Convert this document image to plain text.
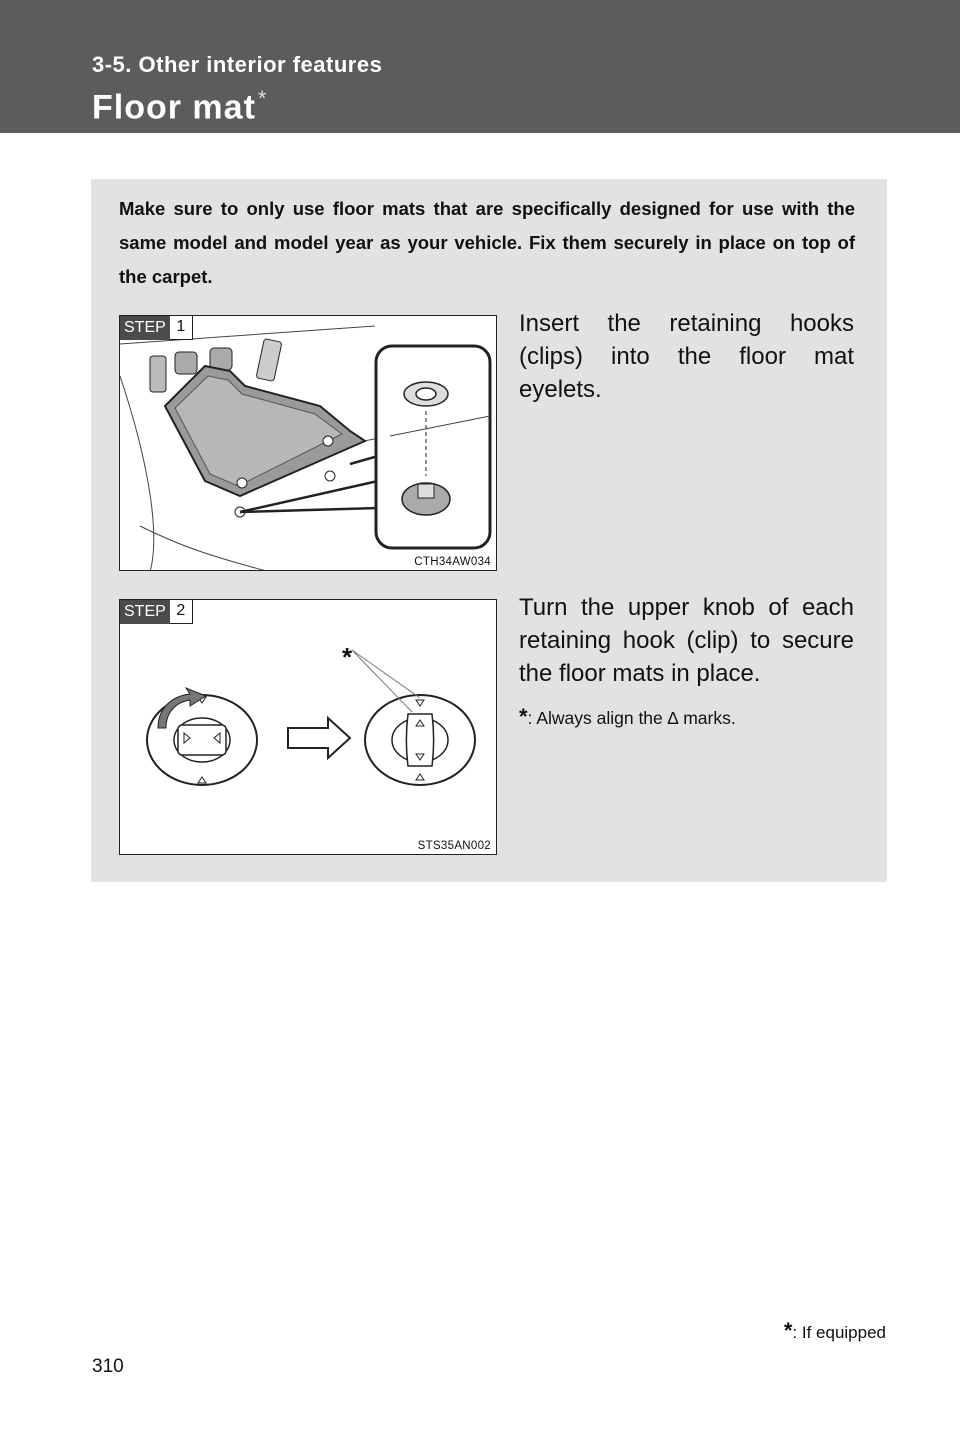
3-5. Other interior features
Floor mat*
Make sure to only use floor mats that are specifically designed for use with the same model and model year as your vehicle. Fix them securely in place on top of the carpet.
STEP 1
CTH34AW034
Insert the retaining hooks (clips) into the floor mat eyelets.
*
STEP 2
STS35AN002
Turn the upper knob of each retaining hook (clip) to secure the floor mats in place.
*: Always align the ∆ marks.
*: If equipped
310
